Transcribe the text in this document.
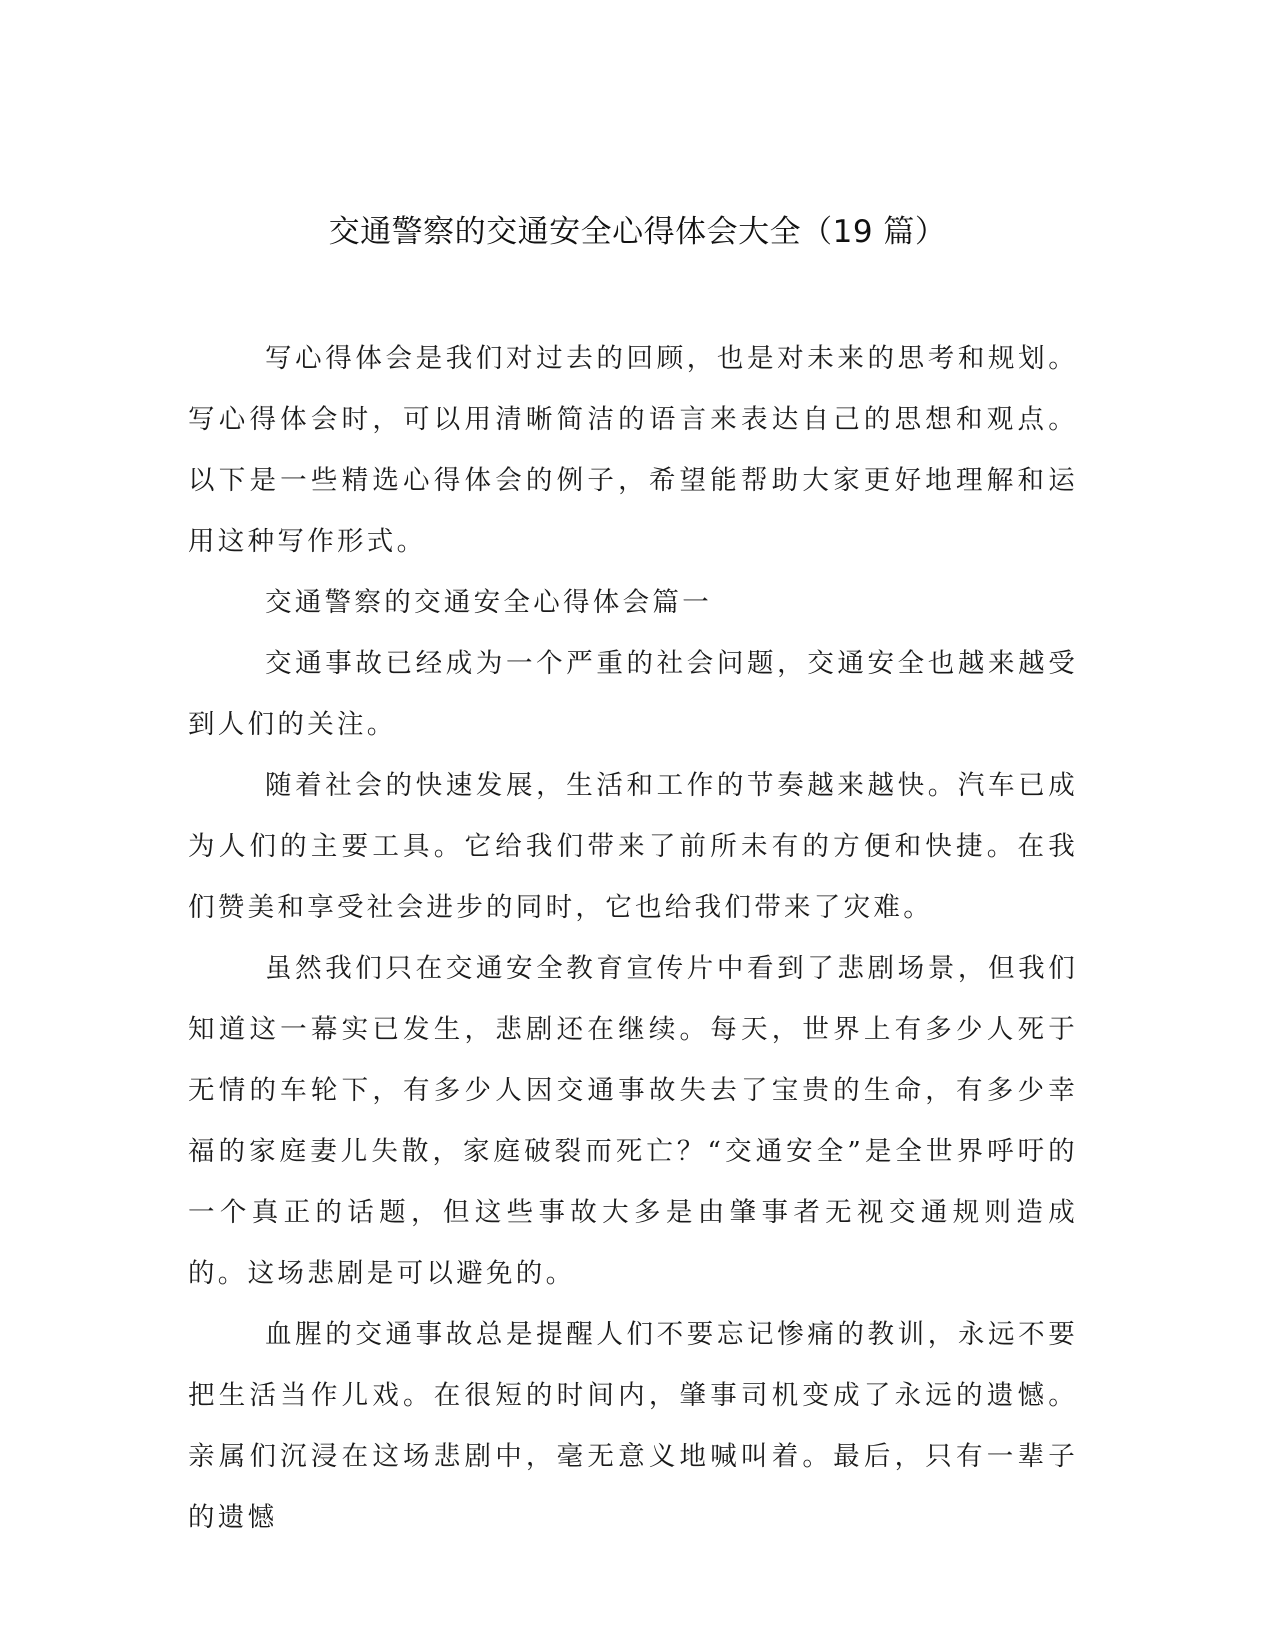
交通警察的交通安全心得体会大全（19 篇）

写心得体会是我们对过去的回顾，也是对未来的思考和规划。写心得体会时，可以用清晰简洁的语言来表达自己的思想和观点。以下是一些精选心得体会的例子，希望能帮助大家更好地理解和运用这种写作形式。

交通警察的交通安全心得体会篇一

交通事故已经成为一个严重的社会问题，交通安全也越来越受到人们的关注。

随着社会的快速发展，生活和工作的节奏越来越快。汽车已成为人们的主要工具。它给我们带来了前所未有的方便和快捷。在我们赞美和享受社会进步的同时，它也给我们带来了灾难。

虽然我们只在交通安全教育宣传片中看到了悲剧场景，但我们知道这一幕实已发生，悲剧还在继续。每天，世界上有多少人死于无情的车轮下，有多少人因交通事故失去了宝贵的生命，有多少幸福的家庭妻儿失散，家庭破裂而死亡？“交通安全”是全世界呼吁的一个真正的话题，但这些事故大多是由肇事者无视交通规则造成的。这场悲剧是可以避免的。

血腥的交通事故总是提醒人们不要忘记惨痛的教训，永远不要把生活当作儿戏。在很短的时间内，肇事司机变成了永远的遗憾。亲属们沉浸在这场悲剧中，毫无意义地喊叫着。最后，只有一辈子的遗憾
